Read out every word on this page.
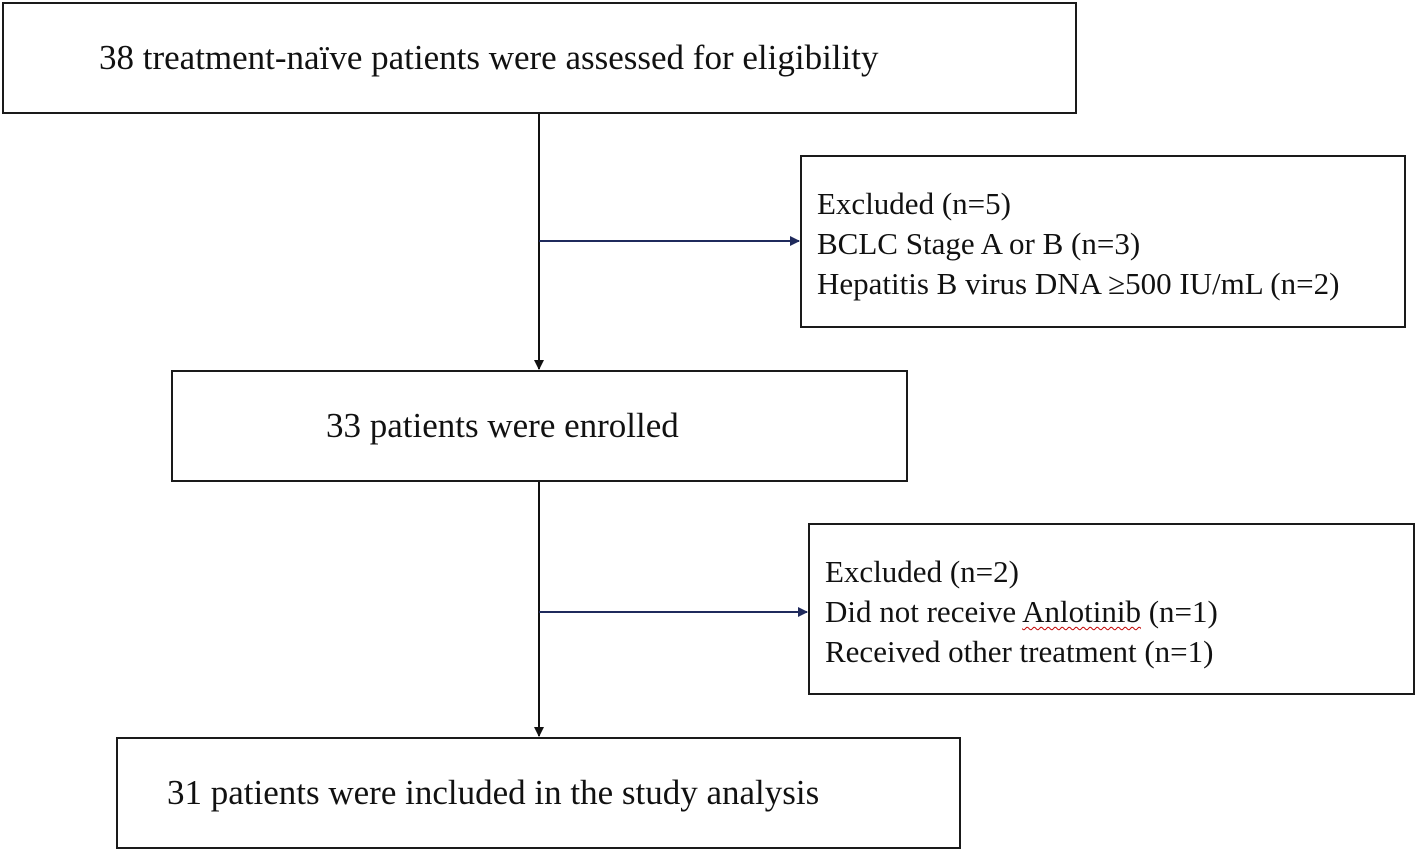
38 treatment-naïve patients were assessed for eligibility
Excluded (n=5)
BCLC Stage A or B (n=3)
Hepatitis B virus DNA ≥500 IU/mL (n=2)
33 patients were enrolled
Excluded (n=2)
Did not receive Anlotinib (n=1)
Received other treatment (n=1)
31 patients were included in the study analysis
